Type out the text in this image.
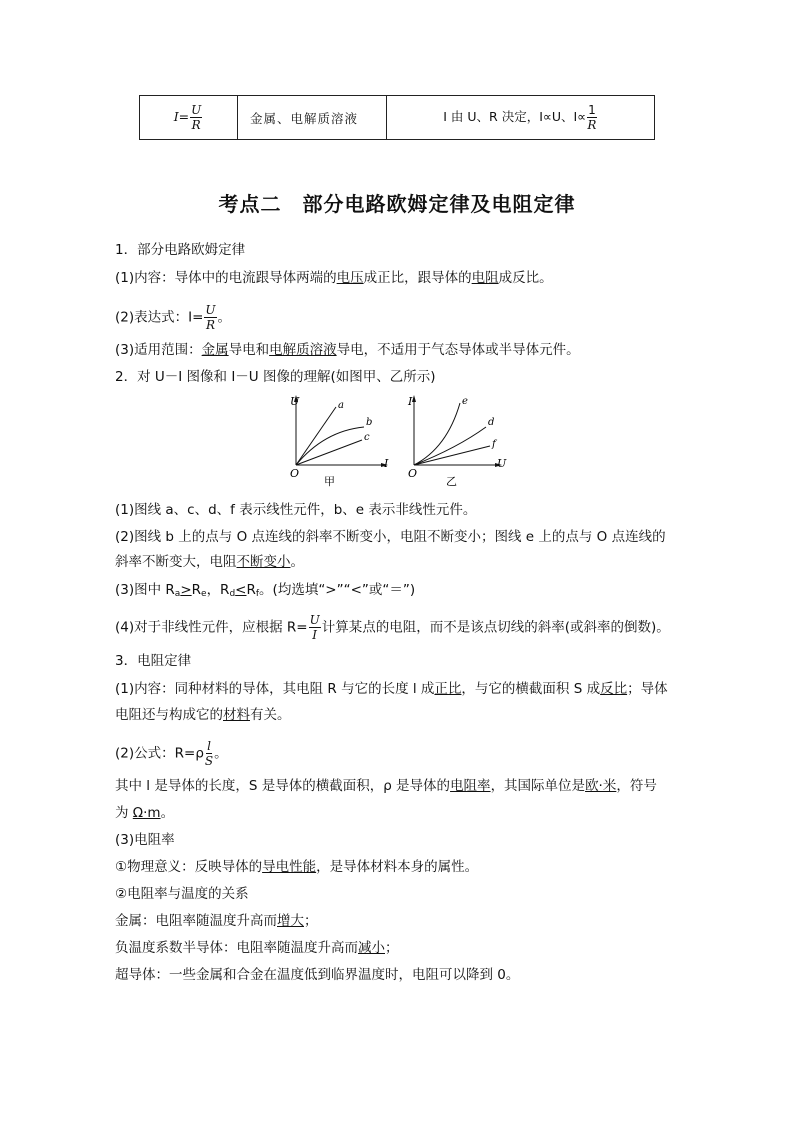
$I= \frac{U}{R}$	金属、电解质溶液	I 由 U、R 决定，I∝U、$I\propto \frac{1}{R}$
考点二　部分电路欧姆定律及电阻定律
1．部分电路欧姆定律
(1)内容：导体中的电流跟导体两端的电压成正比，跟导体的电阻成反比。
(2)表达式：$I= \frac{U}{R}$ 。
(3)适用范围：金属导电和电解质溶液导电，不适用于气态导体或半导体元件。
2．对 U－I 图像和 I－U 图像的理解(如图甲、乙所示)
U
I
O
a
b
c
甲
I
U
O
e
d
f
乙
(1)图线 a、c、d、f 表示线性元件，b、e 表示非线性元件。
(2)图线 b 上的点与 O 点连线的斜率不断变小，电阻不断变小；图线 e 上的点与 O 点连线的
斜率不断变大，电阻不断变小。
(3)图中 $R_a>R_e$，$R_d<R_f$。(均选填“>”“<”或“＝”)
(4)对于非线性元件，应根据 $R= \frac{U}{I}$ 计算某点的电阻，而不是该点切线的斜率(或斜率的倒数)。
3．电阻定律
(1)内容：同种材料的导体，其电阻 R 与它的长度 l 成正比，与它的横截面积 S 成反比；导体
电阻还与构成它的材料有关。
(2)公式：$R=\rho \frac{l}{S}$ 。
其中 l 是导体的长度，S 是导体的横截面积，ρ 是导体的电阻率，其国际单位是欧·米，符号
为 Ω·m。
(3)电阻率
①物理意义：反映导体的导电性能，是导体材料本身的属性。
②电阻率与温度的关系
金属：电阻率随温度升高而增大；
负温度系数半导体：电阻率随温度升高而减小；
超导体：一些金属和合金在温度低到临界温度时，电阻可以降到 0。
